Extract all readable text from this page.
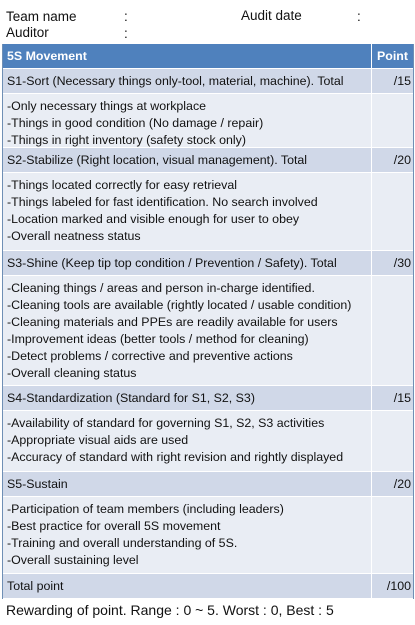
Team name	:	Audit date	:
Auditor	:
5S Movement	Point
S1-Sort (Necessary things only-tool, material, machine). Total	/15
-Only necessary things at workplace
-Things in good condition (No damage / repair)
-Things in right inventory (safety stock only)
S2-Stabilize (Right location, visual management). Total	/20
-Things located correctly for easy retrieval
-Things labeled for fast identification. No search involved
-Location marked and visible enough for user to obey
-Overall neatness status
S3-Shine (Keep tip top condition / Prevention / Safety). Total	/30
-Cleaning things / areas and person in-charge identified.
-Cleaning tools are available (rightly located / usable condition)
-Cleaning materials and PPEs are readily available for users
-Improvement ideas (better tools / method for cleaning)
-Detect problems / corrective and preventive actions
-Overall cleaning status
S4-Standardization (Standard for S1, S2, S3)	/15
-Availability of standard for governing S1, S2, S3 activities
-Appropriate visual aids are used
-Accuracy of standard with right revision and rightly displayed
S5-Sustain	/20
-Participation of team members (including leaders)
-Best practice for overall 5S movement
-Training and overall understanding of 5S.
-Overall sustaining level
Total point	/100
Rewarding of point. Range : 0 ~ 5. Worst : 0, Best : 5
